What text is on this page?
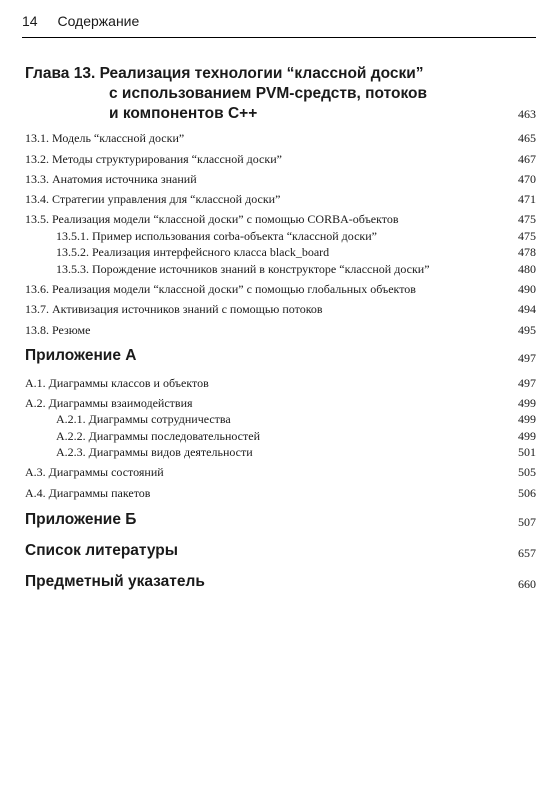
14 Содержание
Глава 13. Реализация технологии “классной доски”
с использованием PVM-средств, потоков
и компонентов С++	463
13.1. Модель “классной доски”	465
13.2. Методы структурирования “классной доски”	467
13.3. Анатомия источника знаний	470
13.4. Стратегии управления для “классной доски”	471
13.5. Реализация модели “классной доски” с помощью CORBA-объектов	475
13.5.1. Пример использования corba-объекта “классной доски”	475
13.5.2. Реализация интерфейсного класса black_board	478
13.5.3. Порождение источников знаний в конструкторе “классной доски”	480
13.6. Реализация модели “классной доски” с помощью глобальных объектов	490
13.7. Активизация источников знаний с помощью потоков	494
13.8. Резюме	495
Приложение А	497
А.1. Диаграммы классов и объектов	497
А.2. Диаграммы взаимодействия	499
А.2.1. Диаграммы сотрудничества	499
А.2.2. Диаграммы последовательностей	499
А.2.3. Диаграммы видов деятельности	501
А.3. Диаграммы состояний	505
А.4. Диаграммы пакетов	506
Приложение Б	507
Список литературы	657
Предметный указатель	660
